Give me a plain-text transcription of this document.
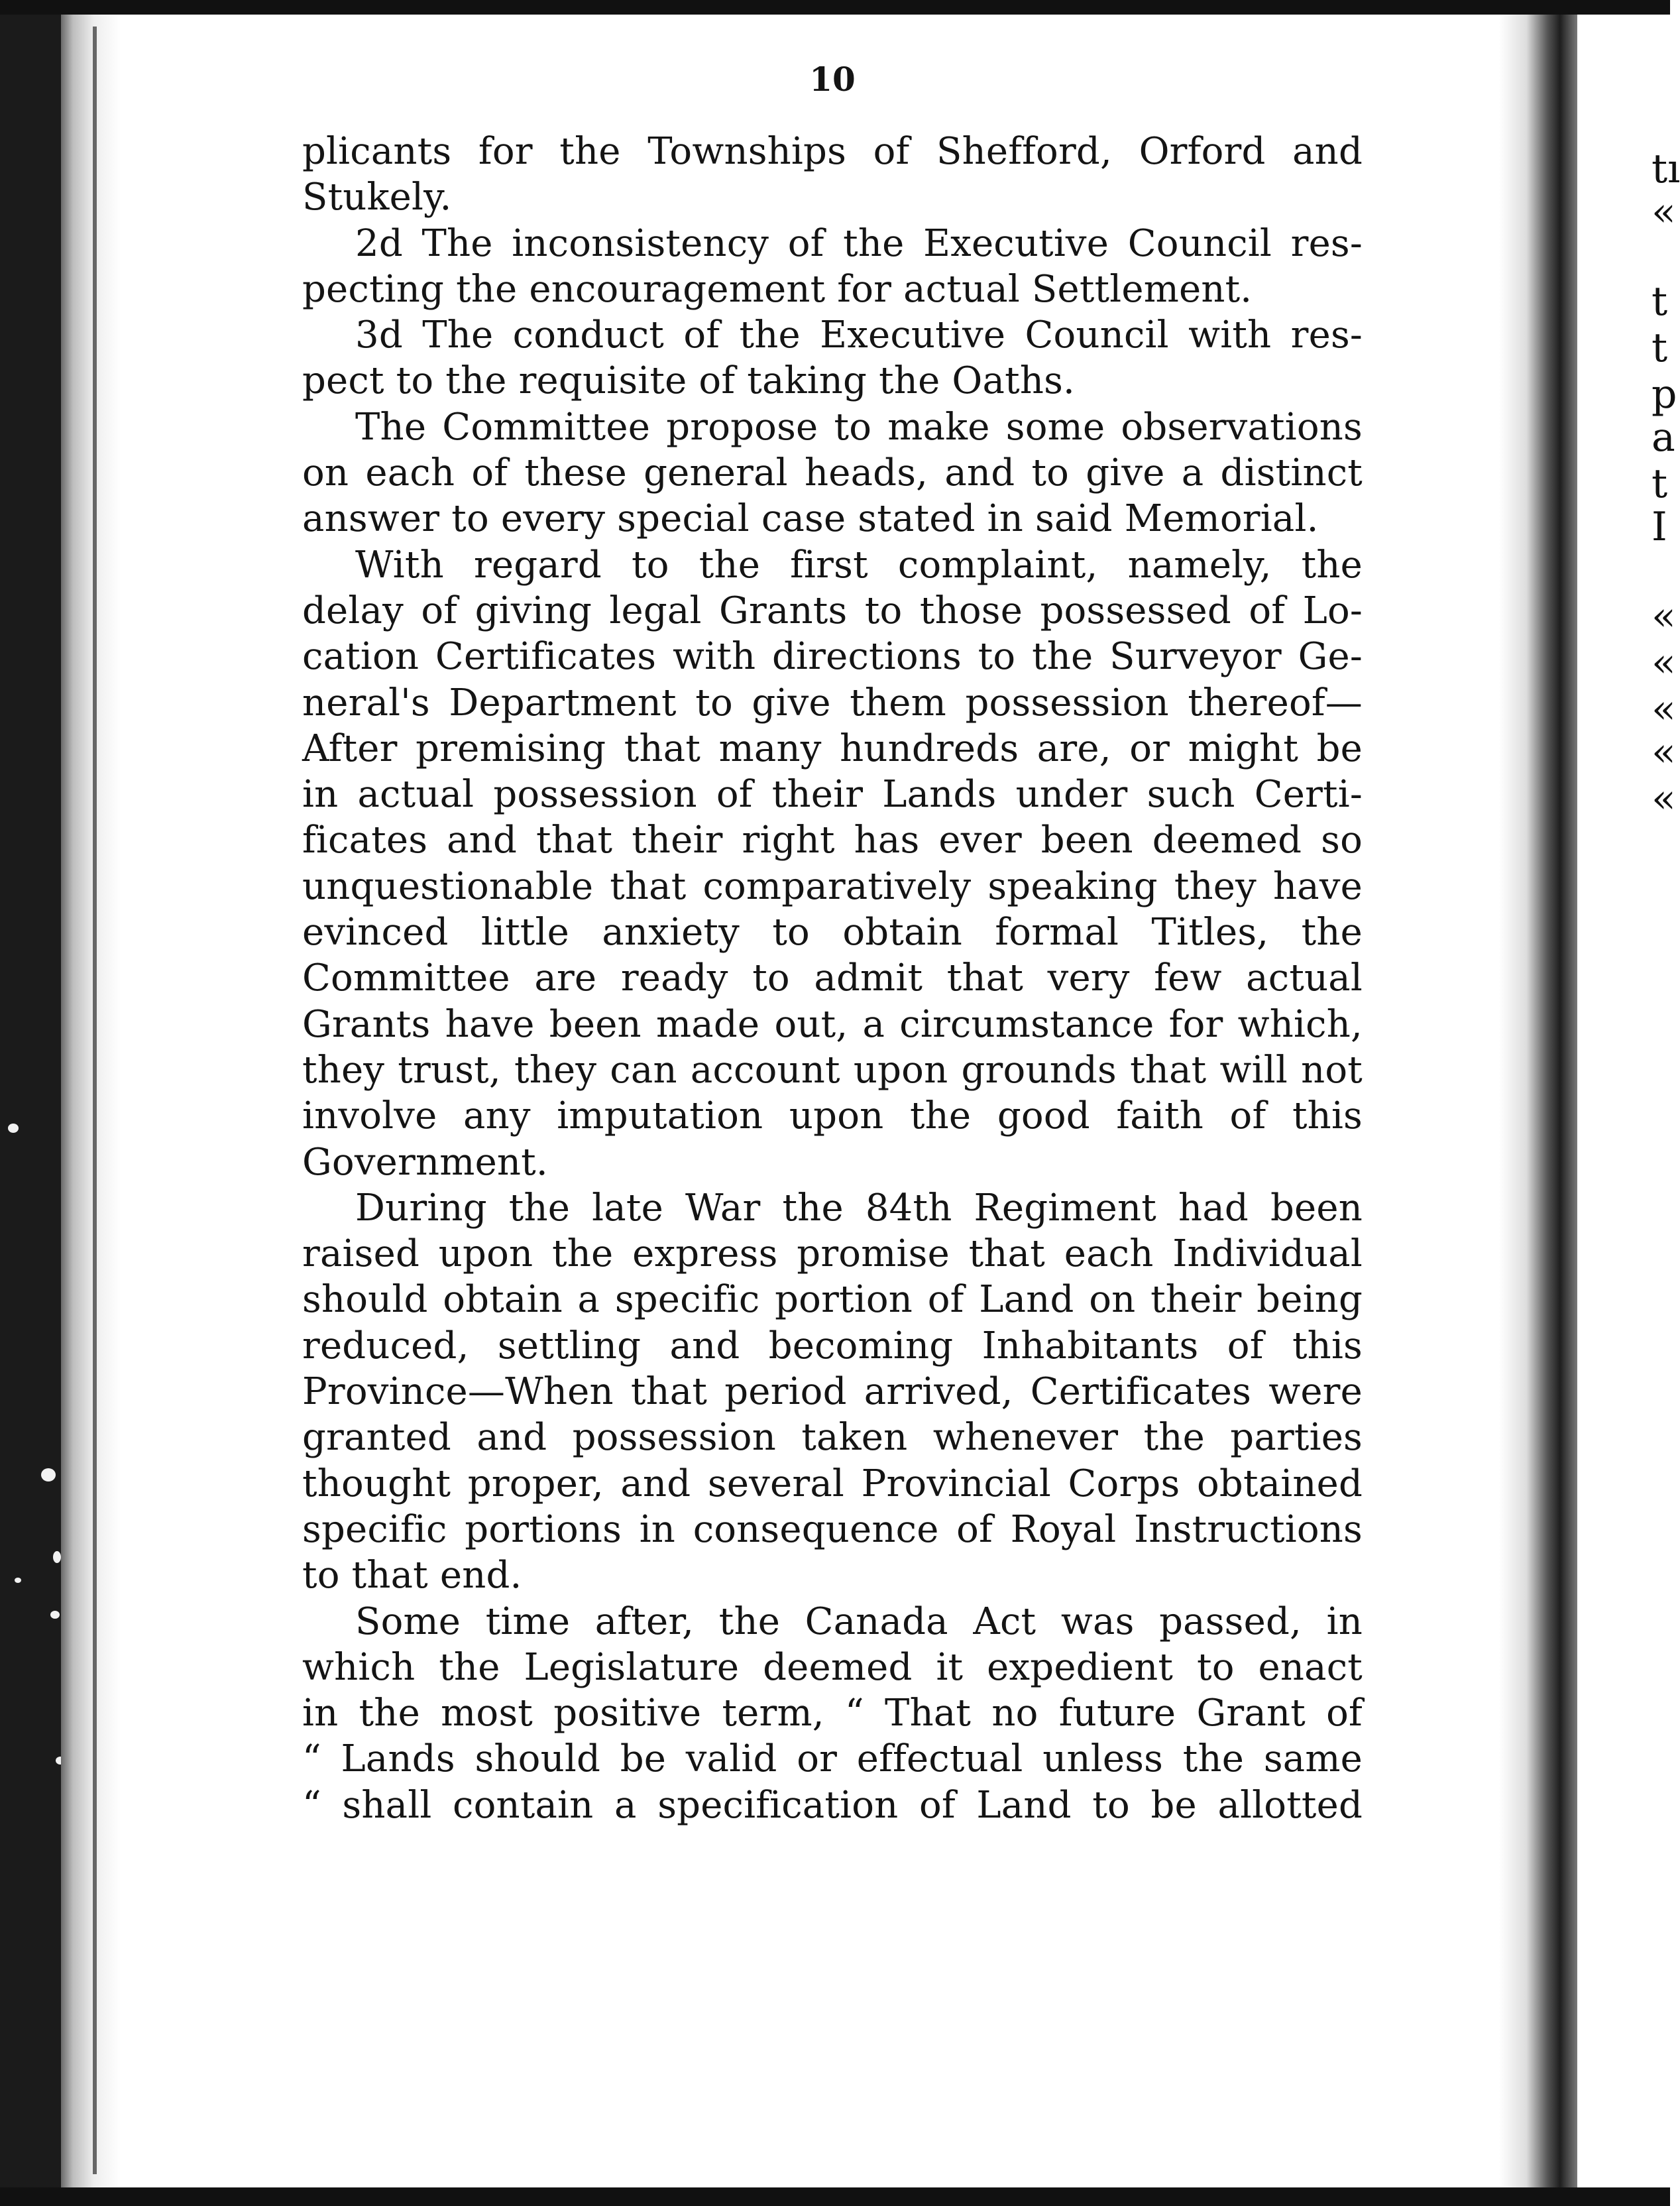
tı
«
t
t
p
a
t
I
«
«
«
«
«
10
plicants for the Townships of Shefford, Orford and
Stukely.
2d The inconsistency of the Executive Council res-
pecting the encouragement for actual Settlement.
3d The conduct of the Executive Council with res-
pect to the requisite of taking the Oaths.
The Committee propose to make some observations
on each of these general heads, and to give a distinct
answer to every special case stated in said Memorial.
With regard to the first complaint, namely, the
delay of giving legal Grants to those possessed of Lo-
cation Certificates with directions to the Surveyor Ge-
neral's Department to give them possession thereof—
After premising that many hundreds are, or might be
in actual possession of their Lands under such Certi-
ficates and that their right has ever been deemed so
unquestionable that comparatively speaking they have
evinced little anxiety to obtain formal Titles, the
Committee are ready to admit that very few actual
Grants have been made out, a circumstance for which,
they trust, they can account upon grounds that will not
involve any imputation upon the good faith of this
Government.
During the late War the 84th Regiment had been
raised upon the express promise that each Individual
should obtain a specific portion of Land on their being
reduced, settling and becoming Inhabitants of this
Province—When that period arrived, Certificates were
granted and possession taken whenever the parties
thought proper, and several Provincial Corps obtained
specific portions in consequence of Royal Instructions
to that end.
Some time after, the Canada Act was passed, in
which the Legislature deemed it expedient to enact
in the most positive term, “ That no future Grant of
“ Lands should be valid or effectual unless the same
“ shall contain a specification of Land to be allotted
